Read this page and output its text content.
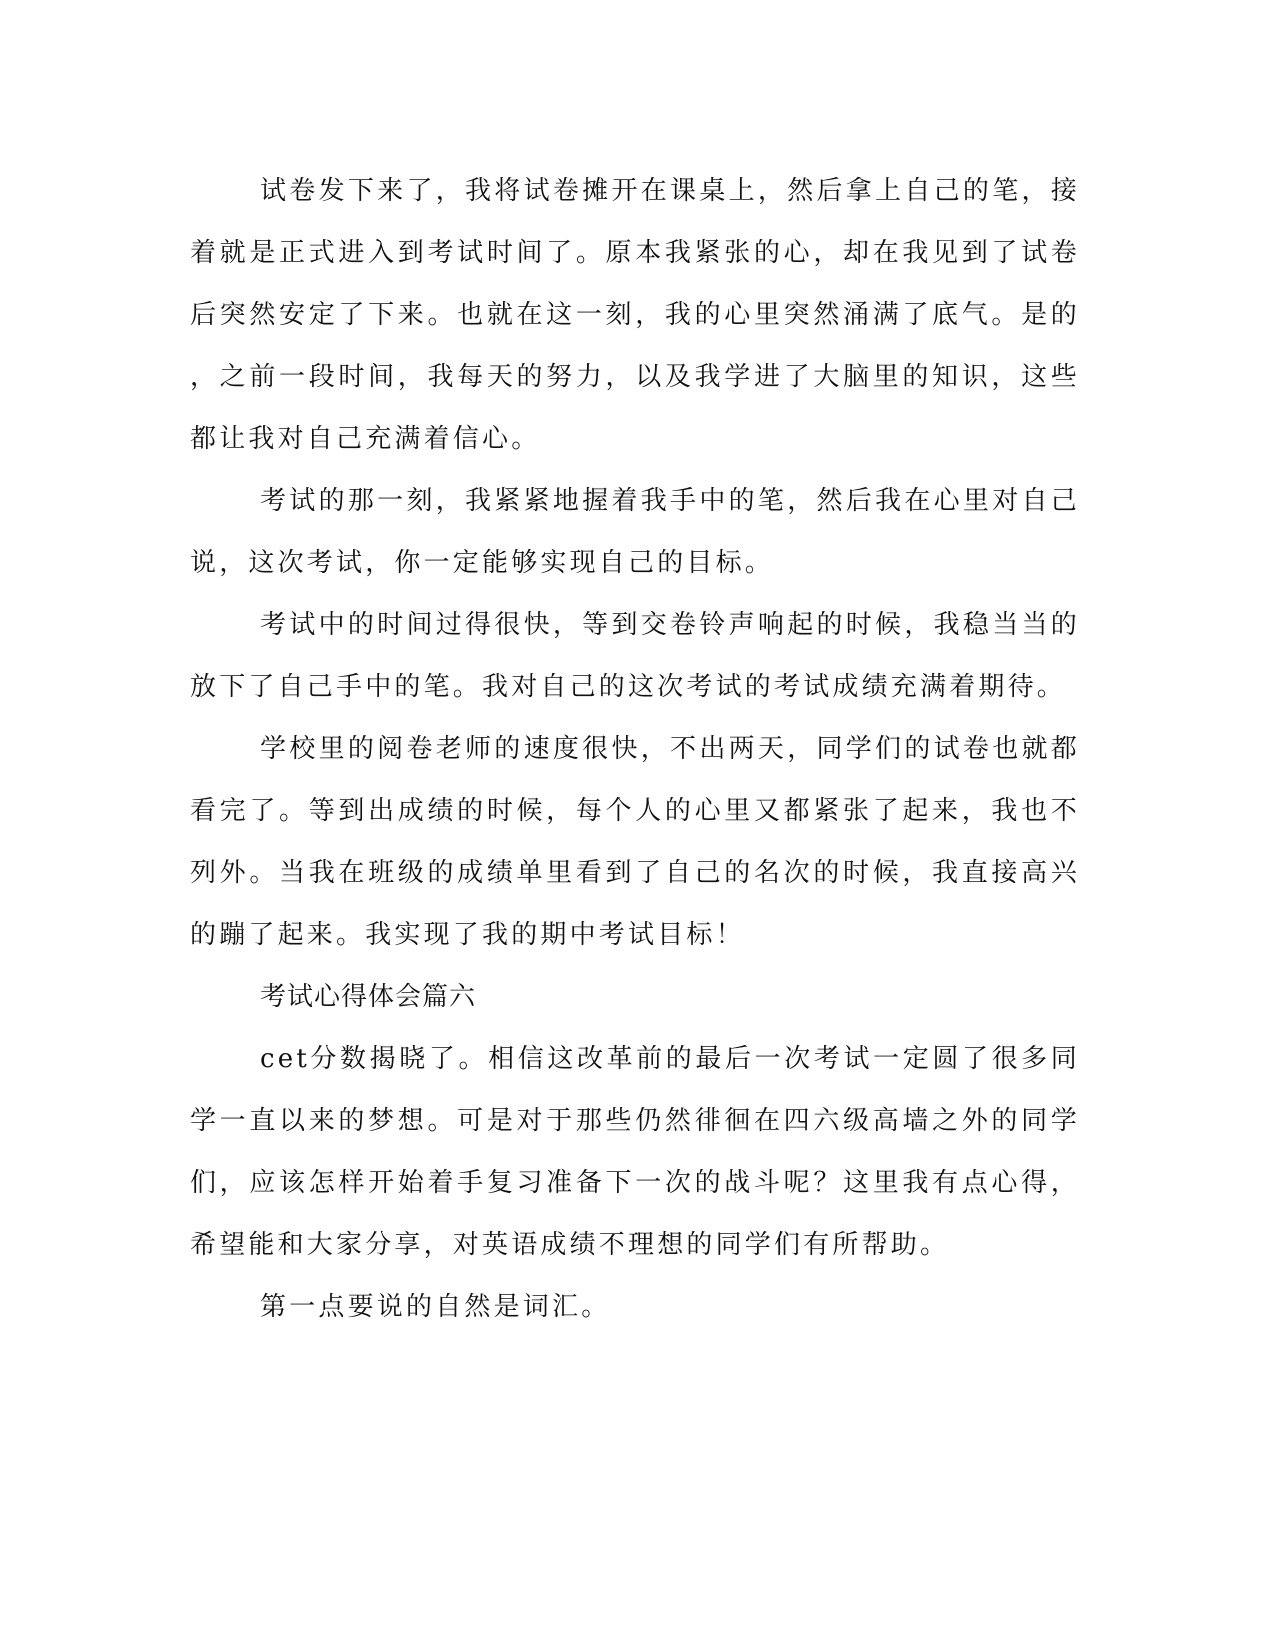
试卷发下来了，我将试卷摊开在课桌上，然后拿上自己的笔，接着就是正式进入到考试时间了。原本我紧张的心，却在我见到了试卷后突然安定了下来。也就在这一刻，我的心里突然涌满了底气。是的，之前一段时间，我每天的努力，以及我学进了大脑里的知识，这些都让我对自己充满着信心。

考试的那一刻，我紧紧地握着我手中的笔，然后我在心里对自己说，这次考试，你一定能够实现自己的目标。

考试中的时间过得很快，等到交卷铃声响起的时候，我稳当当的放下了自己手中的笔。我对自己的这次考试的考试成绩充满着期待。

学校里的阅卷老师的速度很快，不出两天，同学们的试卷也就都看完了。等到出成绩的时候，每个人的心里又都紧张了起来，我也不列外。当我在班级的成绩单里看到了自己的名次的时候，我直接高兴的蹦了起来。我实现了我的期中考试目标！

考试心得体会篇六

cet分数揭晓了。相信这改革前的最后一次考试一定圆了很多同学一直以来的梦想。可是对于那些仍然徘徊在四六级高墙之外的同学们，应该怎样开始着手复习准备下一次的战斗呢？这里我有点心得，希望能和大家分享，对英语成绩不理想的同学们有所帮助。

第一点要说的自然是词汇。
